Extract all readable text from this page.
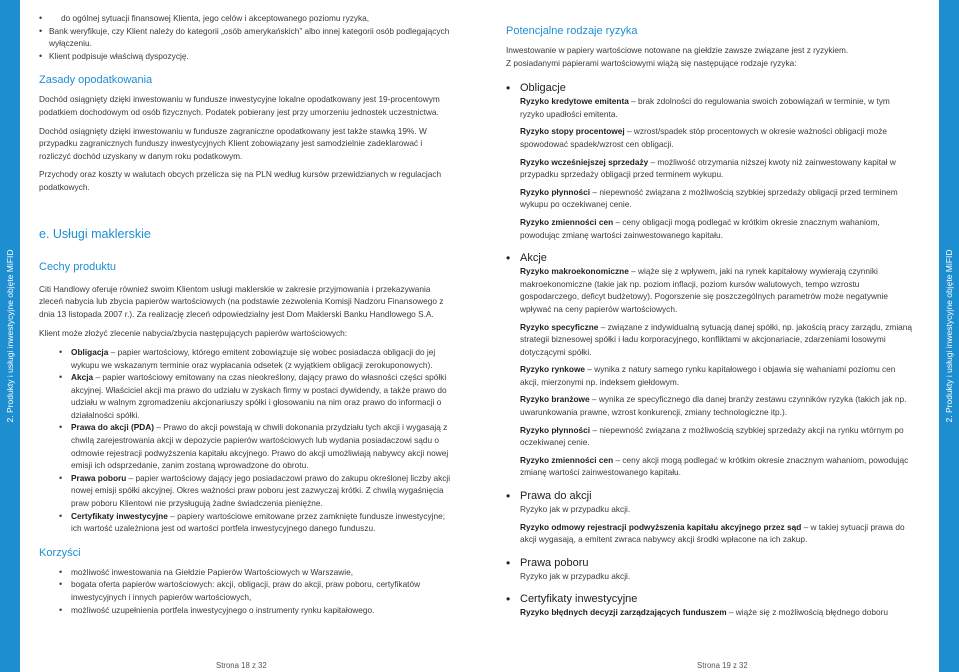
2. Produkty i usługi inwestycyjne objęte MiFID	2. Produkty i usługi inwestycyjne objęte MiFID
• do ogólnej sytuacji finansowej Klienta, jego celów i akceptowanego poziomu ryzyka,
• Bank weryfikuje, czy Klient należy do kategorii „osób amerykańskich” albo innej kategorii osób podlegających wyłączeniu.
• Klient podpisuje właściwą dyspozycję.
Zasady opodatkowania

Dochód osiągnięty dzięki inwestowaniu w fundusze inwestycyjne lokalne opodatkowany jest 19-procentowym podatkiem dochodowym od osób fizycznych. Podatek pobierany jest przy umorzeniu jednostek uczestnictwa.

Dochód osiągnięty dzięki inwestowaniu w fundusze zagraniczne opodatkowany jest także stawką 19%. W przypadku zagranicznych funduszy inwestycyjnych Klient zobowiązany jest samodzielnie zadeklarować i rozliczyć dochód uzyskany w danym roku podatkowym.

Przychody oraz koszty w walutach obcych przelicza się na PLN według kursów przewidzianych w regulacjach podatkowych.

e. Usługi maklerskie
Cechy produktu

Citi Handlowy oferuje również swoim Klientom usługi maklerskie w zakresie przyjmowania i przekazywania zleceń nabycia lub zbycia papierów wartościowych (na podstawie zezwolenia Komisji Nadzoru Finansowego z dnia 13 listopada 2007 r.). Za realizację zleceń odpowiedzialny jest Dom Maklerski Banku Handlowego S.A.

Klient może złożyć zlecenie nabycia/zbycia następujących papierów wartościowych:

• Obligacja – papier wartościowy, którego emitent zobowiązuje się wobec posiadacza obligacji do jej wykupu we wskazanym terminie oraz wypłacania odsetek (z wyjątkiem obligacji zerokuponowych).
• Akcja – papier wartościowy emitowany na czas nieokreślony, dający prawo do własności części spółki akcyjnej. Właściciel akcji ma prawo do udziału w zyskach firmy w postaci dywidendy, a także prawo do udziału w walnym zgromadzeniu akcjonariuszy spółki i głosowaniu na nim oraz prawo do informacji o działalności spółki.
• Prawa do akcji (PDA) – Prawo do akcji powstają w chwili dokonania przydziału tych akcji i wygasają z chwilą zarejestrowania akcji w depozycie papierów wartościowych lub wydania posiadaczowi sądu o odmowie rejestracji podwyższenia kapitału akcyjnego. Prawo do akcji umożliwiają nabywcy akcji nowej emisji ich odsprzedanie, zanim zostaną wprowadzone do obrotu.
• Prawa poboru – papier wartościowy dający jego posiadaczowi prawo do zakupu określonej liczby akcji nowej emisji spółki akcyjnej. Okres ważności praw poboru jest zazwyczaj krótki. Z chwilą wygaśnięcia praw poboru Klientowi nie przysługują żadne świadczenia pieniężne.
• Certyfikaty inwestycyjne – papiery wartościowe emitowane przez zamknięte fundusze inwestycyjne; ich wartość uzależniona jest od wartości portfela inwestycyjnego danego funduszu.
Korzyści
• możliwość inwestowania na Giełdzie Papierów Wartościowych w Warszawie,
• bogata oferta papierów wartościowych: akcji, obligacji, praw do akcji, praw poboru, certyfikatów inwestycyjnych i innych papierów wartościowych,
• możliwość uzupełnienia portfela inwestycyjnego o instrumenty rynku kapitałowego.
Strona 18 z 32
Potencjalne rodzaje ryzyka

Inwestowanie w papiery wartościowe notowane na giełdzie zawsze związane jest z ryzykiem.

Z posiadanymi papierami wartościowymi wiążą się następujące rodzaje ryzyka:

• Obligacje

Ryzyko kredytowe emitenta – brak zdolności do regulowania swoich zobowiązań w terminie, w tym ryzyko upadłości emitenta.

Ryzyko stopy procentowej – wzrost/spadek stóp procentowych w okresie ważności obligacji może spowodować spadek/wzrost cen obligacji.

Ryzyko wcześniejszej sprzedaży – możliwość otrzymania niższej kwoty niż zainwestowany kapitał w przypadku sprzedaży obligacji przed terminem wykupu.

Ryzyko płynności – niepewność związana z możliwością szybkiej sprzedaży obligacji przed terminem wykupu po oczekiwanej cenie.

Ryzyko zmienności cen – ceny obligacji mogą podlegać w krótkim okresie znacznym wahaniom, powodując zmianę wartości zainwestowanego kapitału.

• Akcje

Ryzyko makroekonomiczne – wiąże się z wpływem, jaki na rynek kapitałowy wywierają czynniki makroekonomiczne (takie jak np. poziom inflacji, poziom kursów walutowych, tempo wzrostu gospodarczego, deficyt budżetowy). Pogorszenie się poszczególnych parametrów może negatywnie wpływać na ceny papierów wartościowych.

Ryzyko specyficzne – związane z indywidualną sytuacją danej spółki, np. jakością pracy zarządu, zmianą strategii biznesowej spółki i ładu korporacyjnego, konfliktami w akcjonariacie, zdarzeniami losowymi dotyczącymi spółki.

Ryzyko rynkowe – wynika z natury samego rynku kapitałowego i objawia się wahaniami poziomu cen akcji, mierzonymi np. indeksem giełdowym.

Ryzyko branżowe – wynika ze specyficznego dla danej branży zestawu czynników ryzyka (takich jak np. uwarunkowania prawne, wzrost konkurencji, zmiany technologiczne itp.).

Ryzyko płynności – niepewność związana z możliwością szybkiej sprzedaży akcji na rynku wtórnym po oczekiwanej cenie.

Ryzyko zmienności cen – ceny akcji mogą podlegać w krótkim okresie znacznym wahaniom, powodując zmianę wartości zainwestowanego kapitału.

• Prawa do akcji

Ryzyko jak w przypadku akcji.

Ryzyko odmowy rejestracji podwyższenia kapitału akcyjnego przez sąd – w takiej sytuacji prawa do akcji wygasają, a emitent zwraca nabywcy akcji środki wpłacone na ich zakup.

• Prawa poboru

Ryzyko jak w przypadku akcji.

• Certyfikaty inwestycyjne

Ryzyko błędnych decyzji zarządzających funduszem – wiąże się z możliwością błędnego doboru

Strona 19 z 32
